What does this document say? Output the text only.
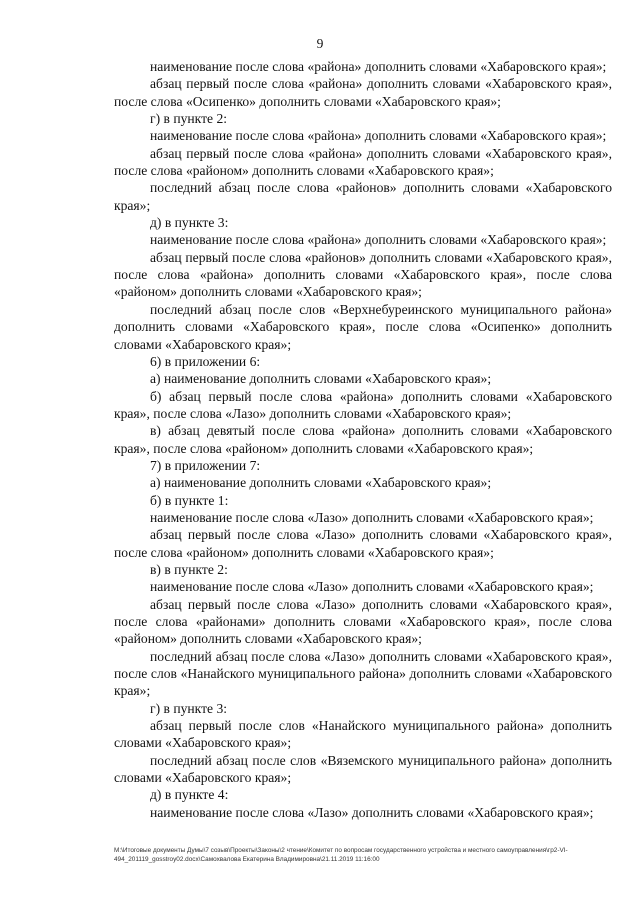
9

наименование после слова «района» дополнить словами «Хабаровского края»;

абзац первый после слова «района» дополнить словами «Хабаровского края», после слова «Осипенко» дополнить словами «Хабаровского края»;

г) в пункте 2:

наименование после слова «района» дополнить словами «Хабаровского края»;

абзац первый после слова «района» дополнить словами «Хабаровского края», после слова «районом» дополнить словами «Хабаровского края»;

последний абзац после слова «районов» дополнить словами «Хабаровского края»;

д) в пункте 3:

наименование после слова «района» дополнить словами «Хабаровского края»;

абзац первый после слова «районов» дополнить словами «Хабаровского края», после слова «района» дополнить словами «Хабаровского края», после слова «районом» дополнить словами «Хабаровского края»;

последний абзац после слов «Верхнебуреинского муниципального района» дополнить словами «Хабаровского края», после слова «Осипенко» дополнить словами «Хабаровского края»;

6) в приложении 6:

а) наименование дополнить словами «Хабаровского края»;

б) абзац первый после слова «района» дополнить словами «Хабаровского края», после слова «Лазо» дополнить словами «Хабаровского края»;

в) абзац девятый после слова «района» дополнить словами «Хабаровского края», после слова «районом» дополнить словами «Хабаровского края»;

7) в приложении 7:

а) наименование дополнить словами «Хабаровского края»;

б) в пункте 1:

наименование после слова «Лазо» дополнить словами «Хабаровского края»;

абзац первый после слова «Лазо» дополнить словами «Хабаровского края», после слова «районом» дополнить словами «Хабаровского края»;

в) в пункте 2:

наименование после слова «Лазо» дополнить словами «Хабаровского края»;

абзац первый после слова «Лазо» дополнить словами «Хабаровского края», после слова «районами» дополнить словами «Хабаровского края», после слова «районом» дополнить словами «Хабаровского края»;

последний абзац после слова «Лазо» дополнить словами «Хабаровского края», после слов «Нанайского муниципального района» дополнить словами «Хабаровского края»;

г) в пункте 3:

абзац первый после слов «Нанайского муниципального района» дополнить словами «Хабаровского края»;

последний абзац после слов «Вяземского муниципального района» дополнить словами «Хабаровского края»;

д) в пункте 4:

наименование после слова «Лазо» дополнить словами «Хабаровского края»;

M:\Итоговые документы Думы\7 созыв\Проекты\Законы\2 чтение\Комитет по вопросам государственного устройства и местного самоуправления\гр2-VI-494_201119_gosstroy02.docx\Самохвалова Екатерина Владимировна\21.11.2019 11:16:00
